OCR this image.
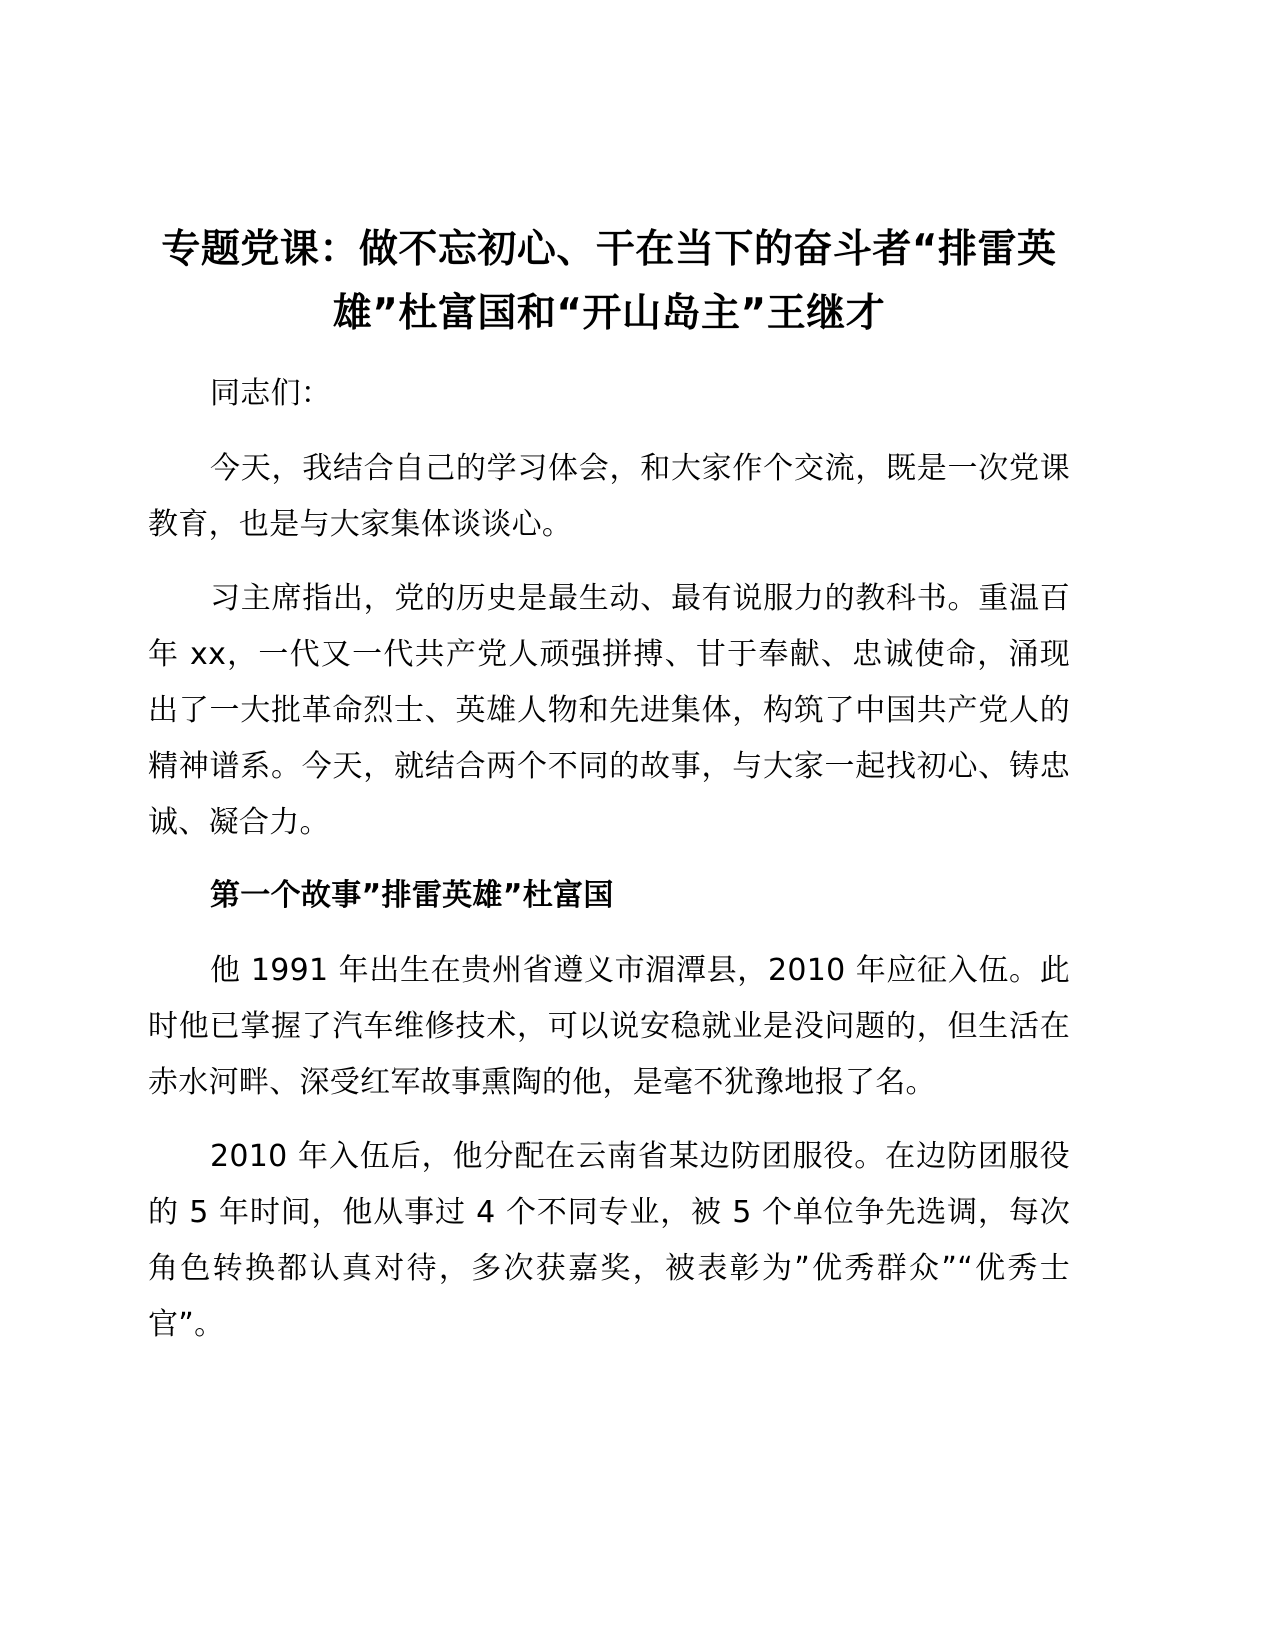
专题党课：做不忘初心、干在当下的奋斗者“排雷英雄”杜富国和“开山岛主”王继才

同志们：

今天，我结合自己的学习体会，和大家作个交流，既是一次党课教育，也是与大家集体谈谈心。

习主席指出，党的历史是最生动、最有说服力的教科书。重温百年 xx，一代又一代共产党人顽强拼搏、甘于奉献、忠诚使命，涌现出了一大批革命烈士、英雄人物和先进集体，构筑了中国共产党人的精神谱系。今天，就结合两个不同的故事，与大家一起找初心、铸忠诚、凝合力。

第一个故事”排雷英雄”杜富国

他 1991 年出生在贵州省遵义市湄潭县，2010 年应征入伍。此时他已掌握了汽车维修技术，可以说安稳就业是没问题的，但生活在赤水河畔、深受红军故事熏陶的他，是毫不犹豫地报了名。

2010 年入伍后，他分配在云南省某边防团服役。在边防团服役的 5 年时间，他从事过 4 个不同专业，被 5 个单位争先选调，每次角色转换都认真对待，多次获嘉奖，被表彰为”优秀群众”“优秀士官”。
